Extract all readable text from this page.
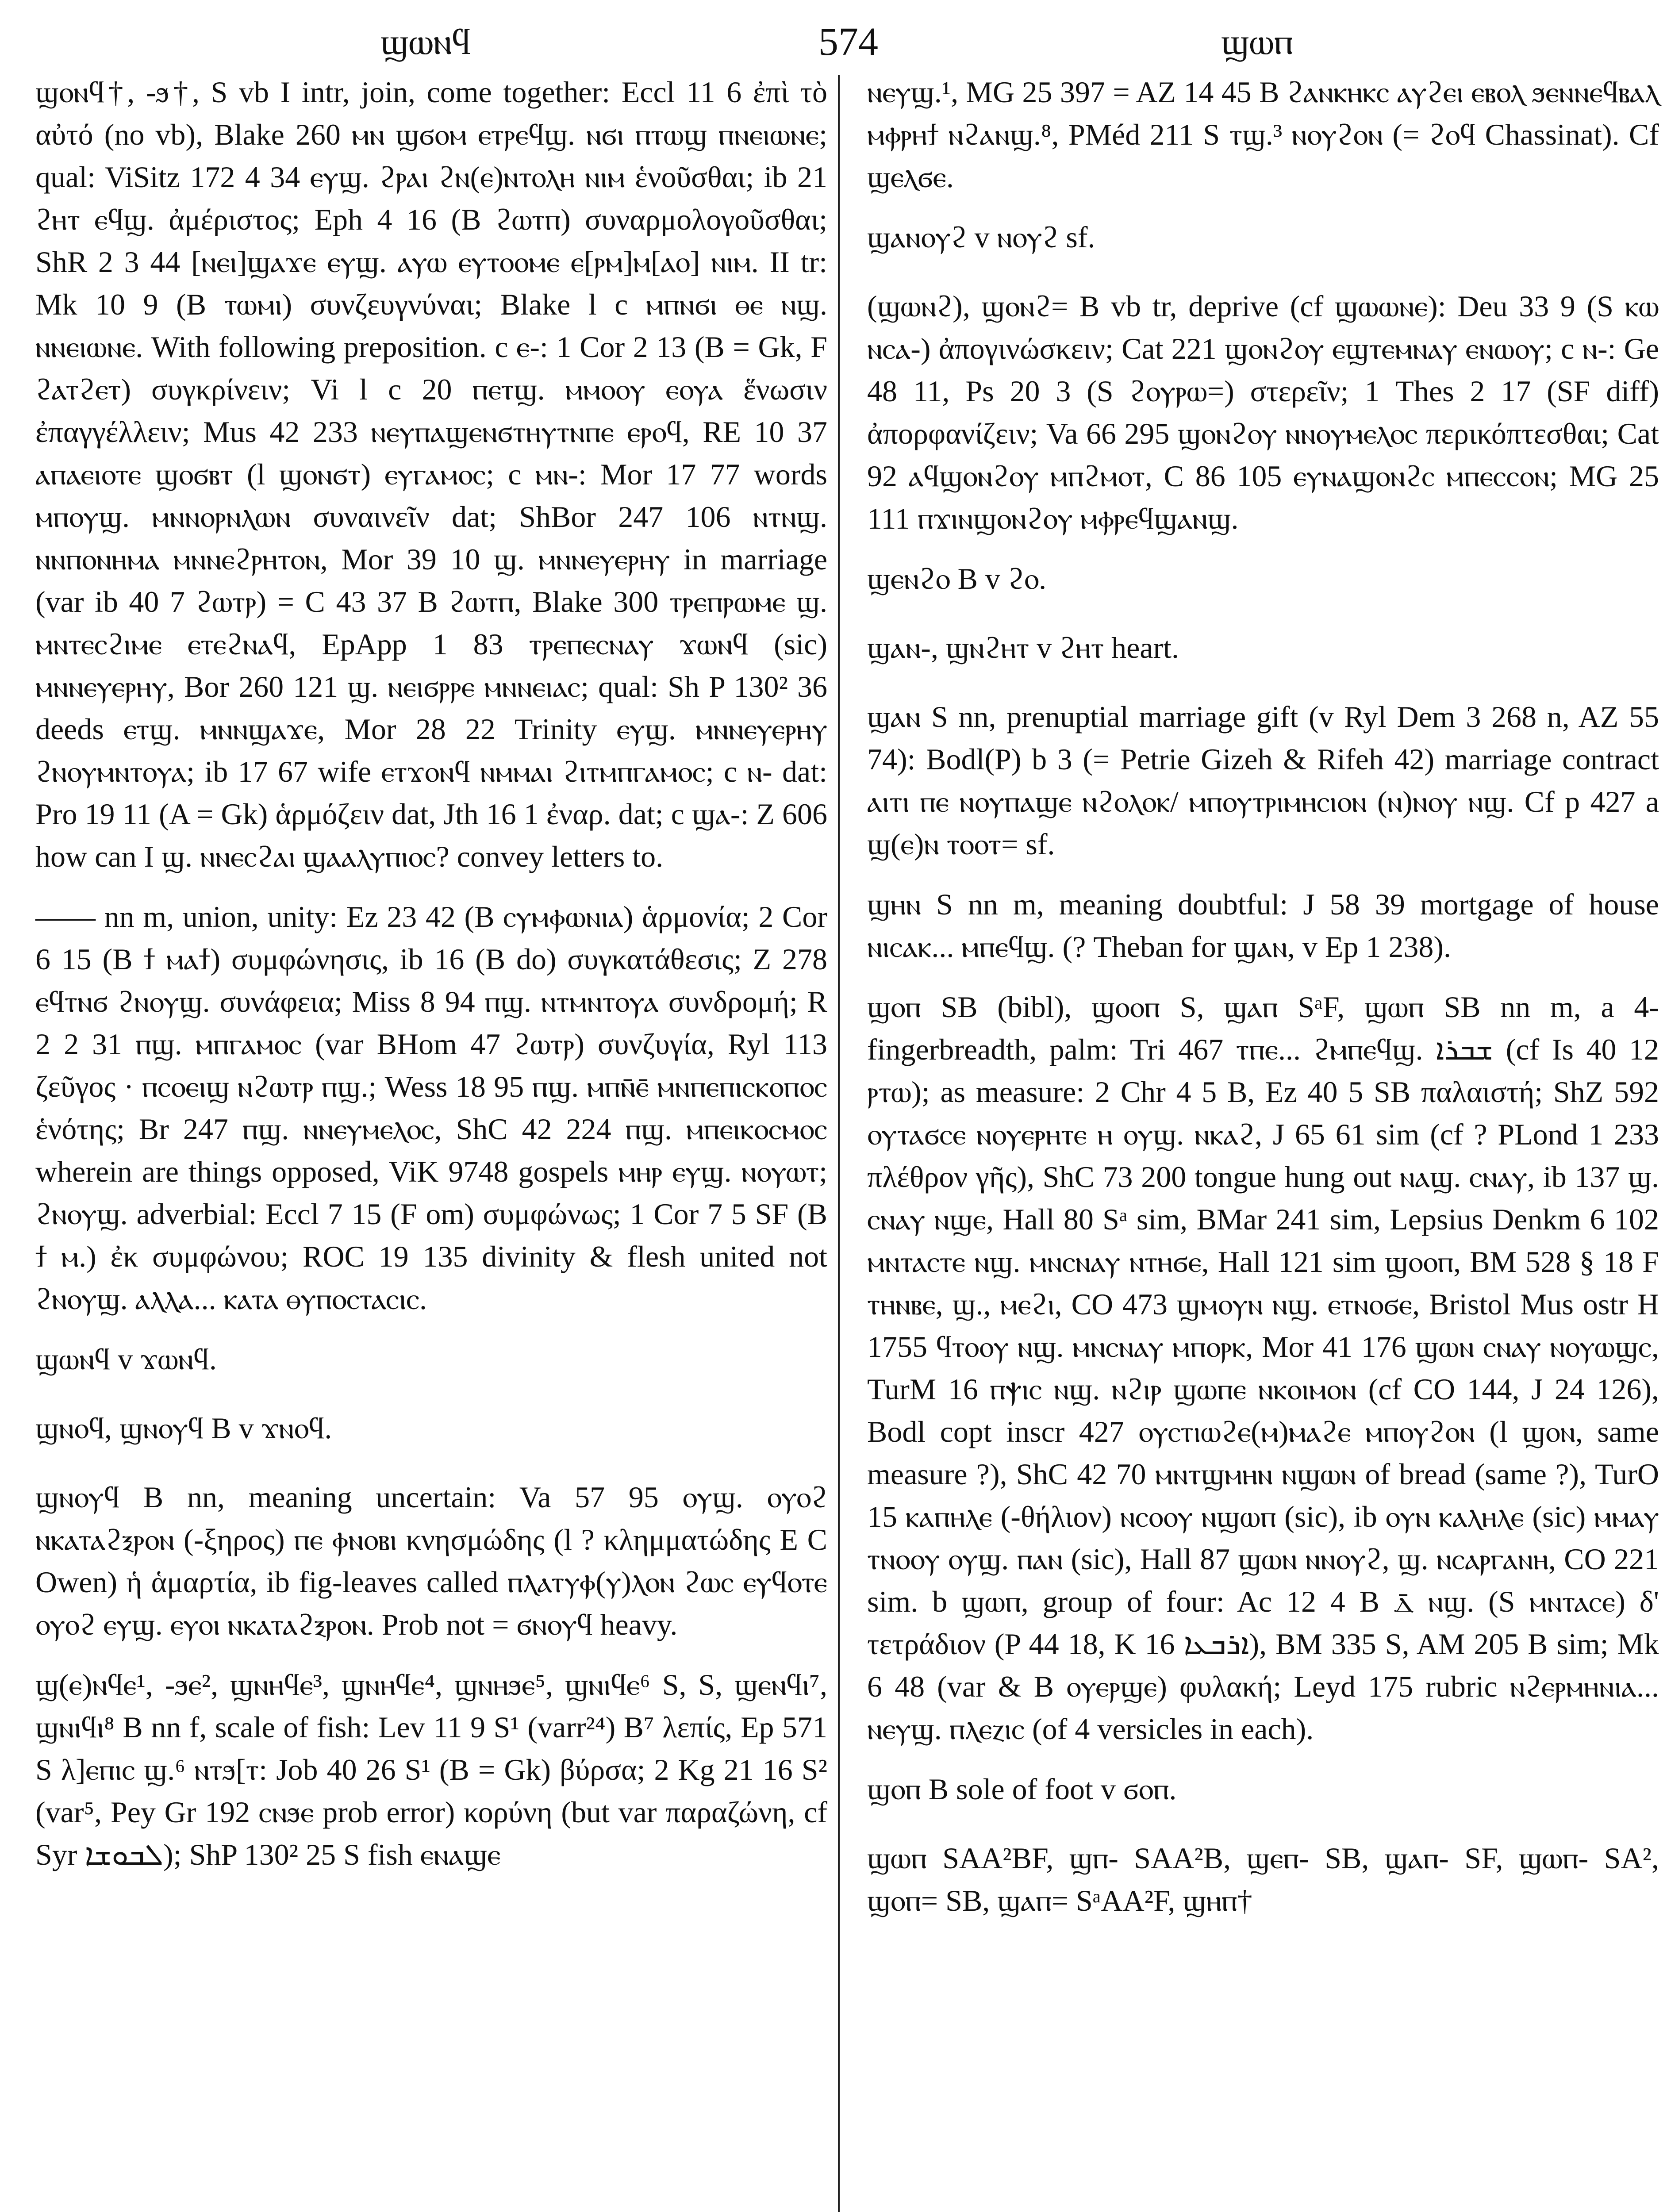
ϣⲱⲛϥ	574	ϣⲱⲡ

ϣⲟⲛϥ†, -ϧ†, S vb I intr, join, come together: Eccl 11 6 ἐπὶ τὸ αὐτό (no vb), Blake 260 ⲙⲛ ϣϭⲟⲙ ⲉⲧⲣⲉϥϣ. ⲛϭⲓ ⲡⲧⲱϣ ⲡⲛⲉⲓⲱⲛⲉ; qual: ViSitz 172 4 34 ⲉⲩϣ. ϩⲣⲁⲓ ϩⲛ(ⲉ)ⲛⲧⲟⲗⲏ ⲛⲓⲙ ἑνοῦσθαι; ib 21 ϩⲏⲧ ⲉϥϣ. ἀμέριστος; Eph 4 16 (B ϩⲱⲧⲡ) συναρμολογοῦσθαι; ShR 2 3 44 [ⲛⲉⲓ]ϣⲁϫⲉ ⲉⲩϣ. ⲁⲩⲱ ⲉⲩⲧⲟⲟⲙⲉ ⲉ[ⲣⲙ]ⲙ[ⲁⲟ] ⲛⲓⲙ. II tr: Mk 10 9 (B ⲧⲱⲙⲓ) συνζευγνύναι; Blake l c ⲙⲡⲛϭⲓ ⲑⲉ ⲛϣ. ⲛⲛⲉⲓⲱⲛⲉ. With following preposition. c ⲉ-: 1 Cor 2 13 (B = Gk, F ϩⲁⲧϩⲉⲧ) συγκρίνειν; Vi l c 20 ⲡⲉⲧϣ. ⲙⲙⲟⲟⲩ ⲉⲟⲩⲁ ἕνωσιν ἐπαγγέλλειν; Mus 42 233 ⲛⲉⲩⲡⲁϣⲉⲛϭⲧⲏⲩⲧⲛⲡⲉ ⲉⲣⲟϥ, RE 10 37 ⲁⲡⲁⲉⲓⲟⲧⲉ ϣⲟϭⲃⲧ (l ϣⲟⲛϭⲧ) ⲉⲩⲅⲁⲙⲟⲥ; c ⲙⲛ-: Mor 17 77 words ⲙⲡⲟⲩϣ. ⲙⲛⲛⲟⲣⲛⲗⲱⲛ συναινεῖν dat; ShBor 247 106 ⲛⲧⲛϣ. ⲛⲛⲡⲟⲛⲏⲙⲁ ⲙⲛⲛⲉϩⲣⲏⲧⲟⲛ, Mor 39 10 ϣ. ⲙⲛⲛⲉⲩⲉⲣⲏⲩ in marriage (var ib 40 7 ϩⲱⲧⲣ) = C 43 37 B ϩⲱⲧⲡ, Blake 300 ⲧⲣⲉⲡⲣⲱⲙⲉ ϣ. ⲙⲛⲧⲉⲥϩⲓⲙⲉ ⲉⲧⲉϩⲛⲁϥ, EpApp 1 83 ⲧⲣⲉⲡⲉⲥⲛⲁⲩ ϫⲱⲛϥ (sic) ⲙⲛⲛⲉⲩⲉⲣⲏⲩ, Bor 260 121 ϣ. ⲛⲉⲓϭⲣⲣⲉ ⲙⲛⲛⲉⲓⲁⲥ; qual: Sh P 130² 36 deeds ⲉⲧϣ. ⲙⲛⲛϣⲁϫⲉ, Mor 28 22 Trinity ⲉⲩϣ. ⲙⲛⲛⲉⲩⲉⲣⲏⲩ ϩⲛⲟⲩⲙⲛⲧⲟⲩⲁ; ib 17 67 wife ⲉⲧϫⲟⲛϥ ⲛⲙⲙⲁⲓ ϩⲓⲧⲙⲡⲅⲁⲙⲟⲥ; c ⲛ- dat: Pro 19 11 (A = Gk) ἁρμόζειν dat, Jth 16 1 ἐναρ. dat; c ϣⲁ-: Z 606 how can I ϣ. ⲛⲛⲉⲥϩⲁⲓ ϣⲁⲁⲗⲩⲡⲓⲟⲥ? convey letters to.

—— nn m, union, unity: Ez 23 42 (B ⲥⲩⲙⲫⲱⲛⲓⲁ) ἁρμονία; 2 Cor 6 15 (B ϯ ⲙⲁϯ) συμφώνησις, ib 16 (B do) συγκατάθεσις; Z 278 ⲉϥⲧⲛϭ ϩⲛⲟⲩϣ. συνάφεια; Miss 8 94 ⲡϣ. ⲛⲧⲙⲛⲧⲟⲩⲁ συνδρομή; R 2 2 31 ⲡϣ. ⲙⲡⲅⲁⲙⲟⲥ (var BHom 47 ϩⲱⲧⲣ) συνζυγία, Ryl 113 ζεῦγος · ⲡⲥⲟⲉⲓϣ ⲛϩⲱⲧⲣ ⲡϣ.; Wess 18 95 ⲡϣ. ⲙⲡⲛ̄ⲉ̄ ⲙⲛⲡⲉⲡⲓⲥⲕⲟⲡⲟⲥ ἑνότης; Br 247 ⲡϣ. ⲛⲛⲉⲩⲙⲉⲗⲟⲥ, ShC 42 224 ⲡϣ. ⲙⲡⲉⲓⲕⲟⲥⲙⲟⲥ wherein are things opposed, ViK 9748 gospels ⲙⲏⲣ ⲉⲩϣ. ⲛⲟⲩⲱⲧ; ϩⲛⲟⲩϣ. adverbial: Eccl 7 15 (F om) συμφώνως; 1 Cor 7 5 SF (B ϯ ⲙ.) ἐκ συμφώνου; ROC 19 135 divinity & flesh united not ϩⲛⲟⲩϣ. ⲁⲗⲗⲁ... ⲕⲁⲧⲁ ⲑⲩⲡⲟⲥⲧⲁⲥⲓⲥ.

ϣⲱⲛϥ v ϫⲱⲛϥ.

ϣⲛⲟϥ, ϣⲛⲟⲩϥ B v ϫⲛⲟϥ.

ϣⲛⲟⲩϥ B nn, meaning uncertain: Va 57 95 ⲟⲩϣ. ⲟⲩⲟϩ ⲛⲕⲁⲧⲁϩⲝⲣⲟⲛ (-ξηρος) ⲡⲉ ⲫⲛⲟⲃⲓ κνησμώδης (l ? κλημματώδης E C Owen) ἡ ἁμαρτία, ib fig-leaves called ⲡⲗⲁⲧⲩⲫ(ⲩ)ⲗⲟⲛ ϩⲱⲥ ⲉⲩϥⲟⲧⲉ ⲟⲩⲟϩ ⲉⲩϣ. ⲉⲩⲟⲓ ⲛⲕⲁⲧⲁϩⲝⲣⲟⲛ. Prob not = ϭⲛⲟⲩϥ heavy.

ϣ(ⲉ)ⲛϥⲉ¹, -ϧⲉ², ϣⲛⲏϥⲉ³, ϣⲛⲏϥⲉ⁴, ϣⲛⲏϧⲉ⁵, ϣⲛⲓϥⲉ⁶ S, S, ϣⲉⲛϥⲓ⁷, ϣⲛⲓϥⲓ⁸ B nn f, scale of fish: Lev 11 9 S¹ (varr²⁴) B⁷ λεπίς, Ep 571 S λ]ⲉⲡⲓⲥ ϣ.⁶ ⲛⲧϧ[ⲧ: Job 40 26 S¹ (B = Gk) βύρσα; 2 Kg 21 16 S² (var⁵, Pey Gr 192 ⲥⲛϧⲉ prob error) κορύνη (but var παραζώνη, cf Syr ܠܒܘܫܐ); ShP 130² 25 S fish ⲉⲛⲁϣⲉ

ⲛⲉⲩϣ.¹, MG 25 397 = AZ 14 45 B ϩⲁⲛⲕⲏⲕⲥ ⲁⲩϩⲉⲓ ⲉⲃⲟⲗ ϧⲉⲛⲛⲉϥⲃⲁⲗ ⲙⲫⲣⲏϯ ⲛϩⲁⲛϣ.⁸, PMéd 211 S ⲧϣ.³ ⲛⲟⲩϩⲟⲛ (= ϩⲟϥ Chassinat). Cf ϣⲉⲗϭⲉ.

ϣⲁⲛⲟⲩϩ v ⲛⲟⲩϩ sf.

(ϣⲱⲛϩ), ϣⲟⲛϩ= B vb tr, deprive (cf ϣⲱⲱⲛⲉ): Deu 33 9 (S ⲕⲱ ⲛⲥⲁ-) ἀπογινώσκειν; Cat 221 ϣⲟⲛϩⲟⲩ ⲉϣⲧⲉⲙⲛⲁⲩ ⲉⲛⲱⲟⲩ; c ⲛ-: Ge 48 11, Ps 20 3 (S ϩⲟⲩⲣⲱ=) στερεῖν; 1 Thes 2 17 (SF diff) ἀπορφανίζειν; Va 66 295 ϣⲟⲛϩⲟⲩ ⲛⲛⲟⲩⲙⲉⲗⲟⲥ περικόπτεσθαι; Cat 92 ⲁϥϣⲟⲛϩⲟⲩ ⲙⲡϩⲙⲟⲧ, C 86 105 ⲉⲩⲛⲁϣⲟⲛϩⲥ ⲙⲡⲉⲥⲥⲟⲛ; MG 25 111 ⲡϫⲓⲛϣⲟⲛϩⲟⲩ ⲙⲫⲣⲉϥϣⲁⲛϣ.

ϣⲉⲛϩⲟ B v ϩⲟ.

ϣⲁⲛ-, ϣⲛϩⲏⲧ v ϩⲏⲧ heart.

ϣⲁⲛ S nn, prenuptial marriage gift (v Ryl Dem 3 268 n, AZ 55 74): Bodl(P) b 3 (= Petrie Gizeh & Rifeh 42) marriage contract ⲁⲓⲧⲓ ⲡⲉ ⲛⲟⲩⲡⲁϣⲉ ⲛϩⲟⲗⲟⲕ/ ⲙⲡⲟⲩⲧⲣⲓⲙⲏⲥⲓⲟⲛ (ⲛ)ⲛⲟⲩ ⲛϣ. Cf p 427 a ϣ(ⲉ)ⲛ ⲧⲟⲟⲧ= sf.

ϣⲏⲛ S nn m, meaning doubtful: J 58 39 mortgage of house ⲛⲓⲥⲁⲕ... ⲙⲡⲉϥϣ. (? Theban for ϣⲁⲛ, v Ep 1 238).

ϣⲟⲡ SB (bibl), ϣⲟⲟⲡ S, ϣⲁⲡ SᵃF, ϣⲱⲡ SB nn m, a 4-fingerbreadth, palm: Tri 467 ⲧⲡⲉ... ϩⲙⲡⲉϥϣ. ܫܒܪܐ (cf Is 40 12 ⲣⲧⲱ); as measure: 2 Chr 4 5 B, Ez 40 5 SB παλαιστή; ShZ 592 ⲟⲩⲧⲁϭⲥⲉ ⲛⲟⲩⲉⲣⲏⲧⲉ ⲏ ⲟⲩϣ. ⲛⲕⲁϩ, J 65 61 sim (cf ? PLond 1 233 πλέθρον γῆς), ShC 73 200 tongue hung out ⲛⲁϣ. ⲥⲛⲁⲩ, ib 137 ϣ. ⲥⲛⲁⲩ ⲛϣⲉ, Hall 80 Sᵃ sim, BMar 241 sim, Lepsius Denkm 6 102 ⲙⲛⲧⲁⲥⲧⲉ ⲛϣ. ⲙⲛⲥⲛⲁⲩ ⲛⲧⲏϭⲉ, Hall 121 sim ϣⲟⲟⲡ, BM 528 § 18 F ⲧⲏⲛⲃⲉ, ϣ., ⲙⲉϩⲓ, CO 473 ϣⲙⲟⲩⲛ ⲛϣ. ⲉⲧⲛⲟϭⲉ, Bristol Mus ostr H 1755 ϥⲧⲟⲟⲩ ⲛϣ. ⲙⲛⲥⲛⲁⲩ ⲙⲡⲟⲣⲕ, Mor 41 176 ϣⲱⲛ ⲥⲛⲁⲩ ⲛⲟⲩⲱϣⲥ, TurM 16 ⲡⲯⲓⲥ ⲛϣ. ⲛϩⲓⲣ ϣⲱⲡⲉ ⲛⲕⲟⲓⲙⲟⲛ (cf CO 144, J 24 126), Bodl copt inscr 427 ⲟⲩⲥⲧⲓⲱϩⲉ(ⲙ)ⲙⲁϩⲉ ⲙⲡⲟⲩϩⲟⲛ (l ϣⲟⲛ, same measure ?), ShC 42 70 ⲙⲛⲧϣⲙⲏⲛ ⲛϣⲱⲛ of bread (same ?), TurO 15 ⲕⲁⲡⲏⲗⲉ (-θήλιον) ⲛⲥⲟⲟⲩ ⲛϣⲱⲡ (sic), ib ⲟⲩⲛ ⲕⲁⲗⲏⲗⲉ (sic) ⲙⲙⲁⲩ ⲧⲛⲟⲟⲩ ⲟⲩϣ. ⲡⲁⲛ (sic), Hall 87 ϣⲱⲛ ⲛⲛⲟⲩϩ, ϣ. ⲛⲥⲁⲣⲅⲁⲛⲏ, CO 221 sim. b ϣⲱⲡ, group of four: Ac 12 4 B ⲇ̄ ⲛϣ. (S ⲙⲛⲧⲁⲥⲉ) δ' τετράδιον (P 44 18, K 16 ܐܪܒܥܐ), BM 335 S, AM 205 B sim; Mk 6 48 (var & B ⲟⲩⲉⲣϣⲉ) φυλακή; Leyd 175 rubric ⲛϩⲉⲣⲙⲏⲛⲓⲁ... ⲛⲉⲩϣ. ⲡⲗⲉⲍⲓⲥ (of 4 versicles in each).

ϣⲟⲡ B sole of foot v ϭⲟⲡ.

ϣⲱⲡ SAA²BF, ϣⲡ- SAA²B, ϣⲉⲡ- SB, ϣⲁⲡ- SF, ϣⲱⲡ- SA², ϣⲟⲡ= SB, ϣⲁⲡ= SᵃAA²F, ϣⲏⲡ†
